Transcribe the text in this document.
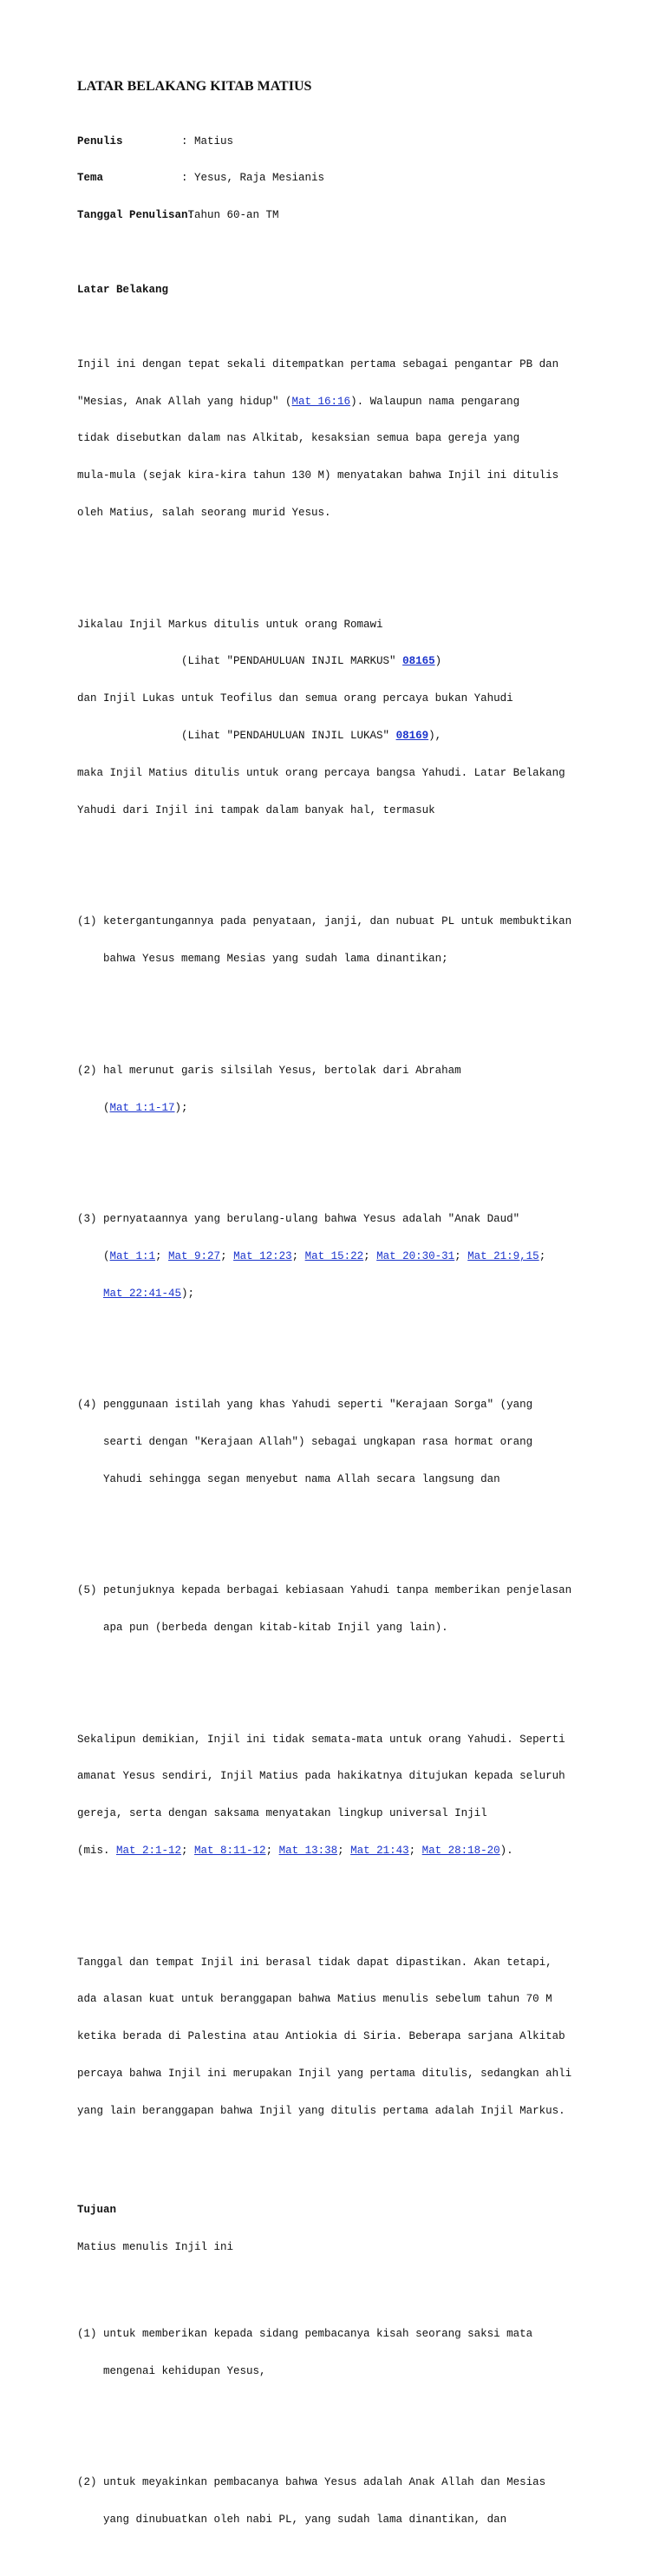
LATAR BELAKANG KITAB MATIUS

Penulis	: Matius

Tema	: Yesus, Raja Mesianis

Tanggal Penulisan: Tahun 60-an TM

Latar Belakang

Injil ini dengan tepat sekali ditempatkan pertama sebagai pengantar PB dan

"Mesias, Anak Allah yang hidup" (Mat 16:16). Walaupun nama pengarang

tidak disebutkan dalam nas Alkitab, kesaksian semua bapa gereja yang

mula-mula (sejak kira-kira tahun 130 M) menyatakan bahwa Injil ini ditulis

oleh Matius, salah seorang murid Yesus.

Jikalau Injil Markus ditulis untuk orang Romawi

(Lihat "PENDAHULUAN INJIL MARKUS" 08165)

dan Injil Lukas untuk Teofilus dan semua orang percaya bukan Yahudi

(Lihat "PENDAHULUAN INJIL LUKAS" 08169),

maka Injil Matius ditulis untuk orang percaya bangsa Yahudi. Latar Belakang

Yahudi dari Injil ini tampak dalam banyak hal, termasuk

(1) ketergantungannya pada penyataan, janji, dan nubuat PL untuk membuktikan

bahwa Yesus memang Mesias yang sudah lama dinantikan;

(2) hal merunut garis silsilah Yesus, bertolak dari Abraham

(Mat 1:1-17);

(3) pernyataannya yang berulang-ulang bahwa Yesus adalah "Anak Daud"

(Mat 1:1; Mat 9:27; Mat 12:23; Mat 15:22; Mat 20:30-31; Mat 21:9,15;

Mat 22:41-45);

(4) penggunaan istilah yang khas Yahudi seperti "Kerajaan Sorga" (yang

searti dengan "Kerajaan Allah") sebagai ungkapan rasa hormat orang

Yahudi sehingga segan menyebut nama Allah secara langsung dan

(5) petunjuknya kepada berbagai kebiasaan Yahudi tanpa memberikan penjelasan

apa pun (berbeda dengan kitab-kitab Injil yang lain).

Sekalipun demikian, Injil ini tidak semata-mata untuk orang Yahudi. Seperti

amanat Yesus sendiri, Injil Matius pada hakikatnya ditujukan kepada seluruh

gereja, serta dengan saksama menyatakan lingkup universal Injil

(mis. Mat 2:1-12; Mat 8:11-12; Mat 13:38; Mat 21:43; Mat 28:18-20).

Tanggal dan tempat Injil ini berasal tidak dapat dipastikan. Akan tetapi,

ada alasan kuat untuk beranggapan bahwa Matius menulis sebelum tahun 70 M

ketika berada di Palestina atau Antiokia di Siria. Beberapa sarjana Alkitab

percaya bahwa Injil ini merupakan Injil yang pertama ditulis, sedangkan ahli

yang lain beranggapan bahwa Injil yang ditulis pertama adalah Injil Markus.

Tujuan

Matius menulis Injil ini

(1) untuk memberikan kepada sidang pembacanya kisah seorang saksi mata

mengenai kehidupan Yesus,

(2) untuk meyakinkan pembacanya bahwa Yesus adalah Anak Allah dan Mesias

yang dinubuatkan oleh nabi PL, yang sudah lama dinantikan, dan
